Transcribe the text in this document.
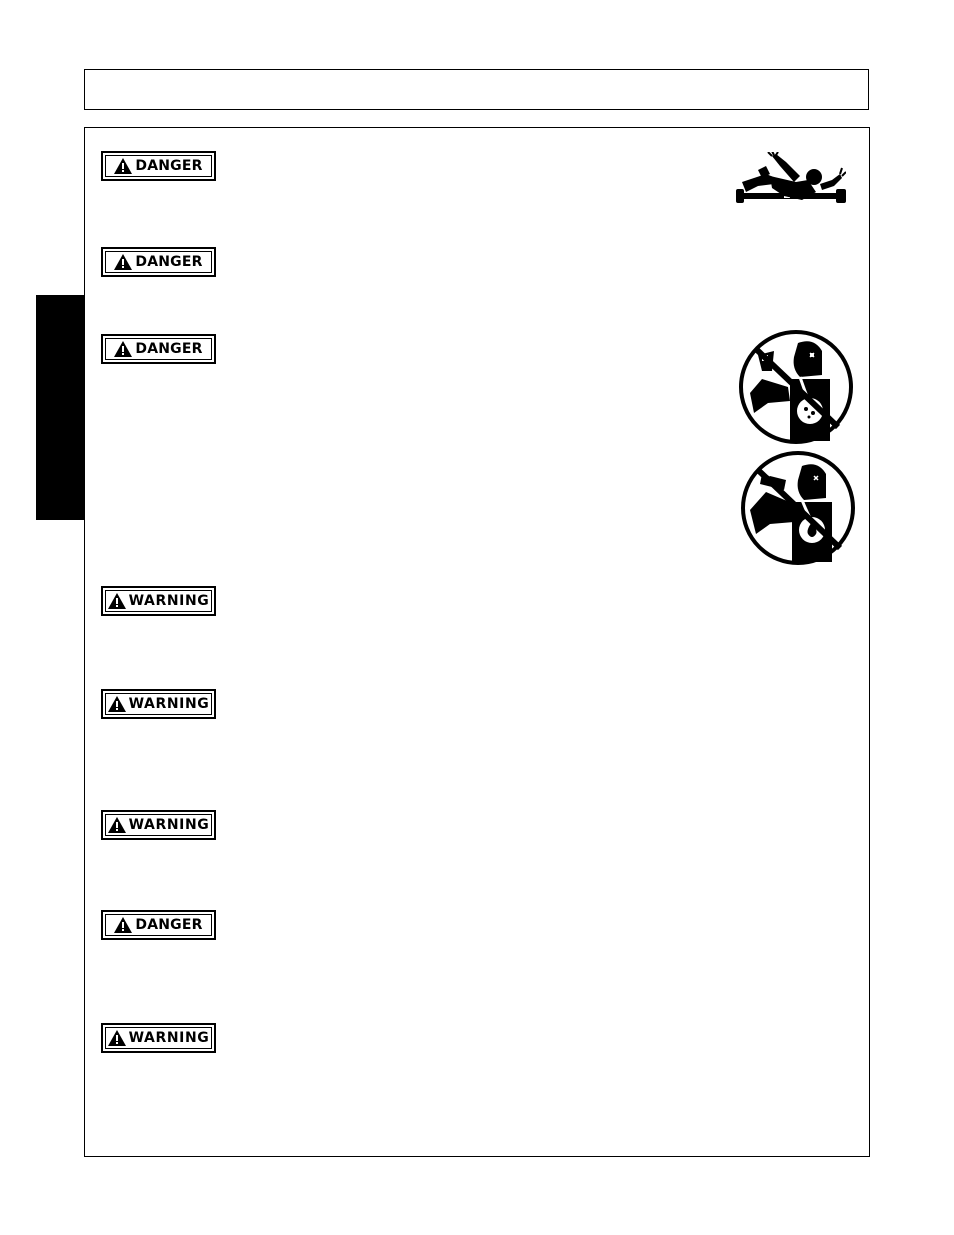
DANGER
DANGER
DANGER
WARNING
WARNING
WARNING
DANGER
WARNING
